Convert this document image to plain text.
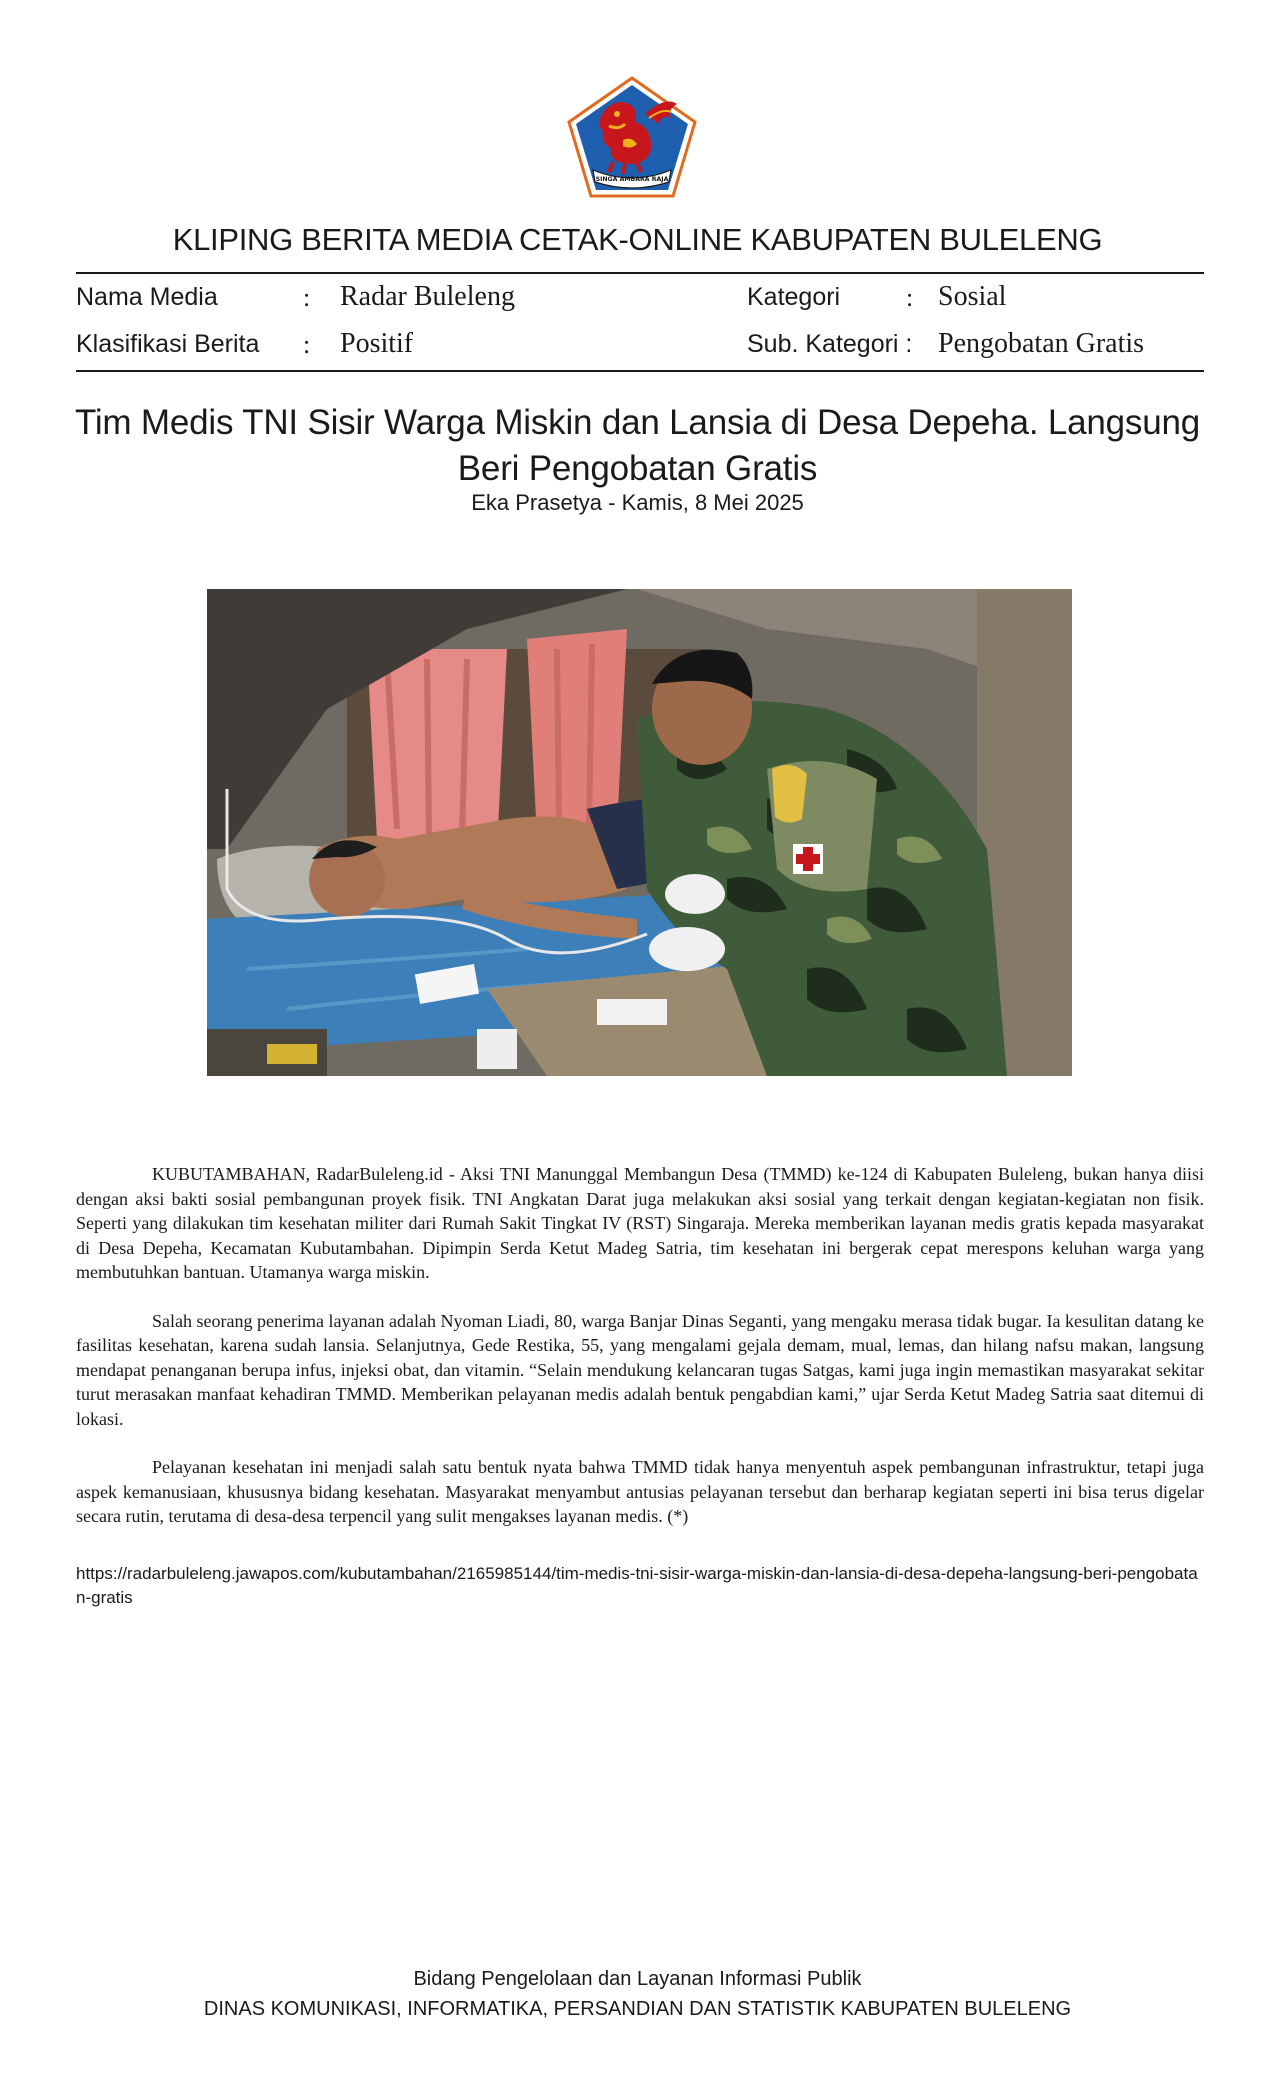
SINGA AMBARA RAJA
KLIPING BERITA MEDIA CETAK-ONLINE KABUPATEN BULELENG
Nama Media	: Radar Buleleng	Kategori	: Sosial
Klasifikasi Berita : Positif	Sub. Kategori : Pengobatan Gratis
Tim Medis TNI Sisir Warga Miskin dan Lansia di Desa Depeha. Langsung Beri Pengobatan Gratis
Eka Prasetya - Kamis, 8 Mei 2025

KUBUTAMBAHAN, RadarBuleleng.id - Aksi TNI Manunggal Membangun Desa (TMMD) ke-124 di Kabupaten Buleleng, bukan hanya diisi dengan aksi bakti sosial pembangunan proyek fisik. TNI Angkatan Darat juga melakukan aksi sosial yang terkait dengan kegiatan-kegiatan non fisik. Seperti yang dilakukan tim kesehatan militer dari Rumah Sakit Tingkat IV (RST) Singaraja. Mereka memberikan layanan medis gratis kepada masyarakat di Desa Depeha, Kecamatan Kubutambahan. Dipimpin Serda Ketut Madeg Satria, tim kesehatan ini bergerak cepat merespons keluhan warga yang membutuhkan bantuan. Utamanya warga miskin.

Salah seorang penerima layanan adalah Nyoman Liadi, 80, warga Banjar Dinas Seganti, yang mengaku merasa tidak bugar. Ia kesulitan datang ke fasilitas kesehatan, karena sudah lansia. Selanjutnya, Gede Restika, 55, yang mengalami gejala demam, mual, lemas, dan hilang nafsu makan, langsung mendapat penanganan berupa infus, injeksi obat, dan vitamin. “Selain mendukung kelancaran tugas Satgas, kami juga ingin memastikan masyarakat sekitar turut merasakan manfaat kehadiran TMMD. Memberikan pelayanan medis adalah bentuk pengabdian kami,” ujar Serda Ketut Madeg Satria saat ditemui di lokasi.

Pelayanan kesehatan ini menjadi salah satu bentuk nyata bahwa TMMD tidak hanya menyentuh aspek pembangunan infrastruktur, tetapi juga aspek kemanusiaan, khususnya bidang kesehatan. Masyarakat menyambut antusias pelayanan tersebut dan berharap kegiatan seperti ini bisa terus digelar secara rutin, terutama di desa-desa terpencil yang sulit mengakses layanan medis. (*)

https://radarbuleleng.jawapos.com/kubutambahan/2165985144/tim-medis-tni-sisir-warga-miskin-dan-lansia-di-desa-depeha-langsung-beri-pengobatan-gratis
Bidang Pengelolaan dan Layanan Informasi Publik
DINAS KOMUNIKASI, INFORMATIKA, PERSANDIAN DAN STATISTIK KABUPATEN BULELENG
